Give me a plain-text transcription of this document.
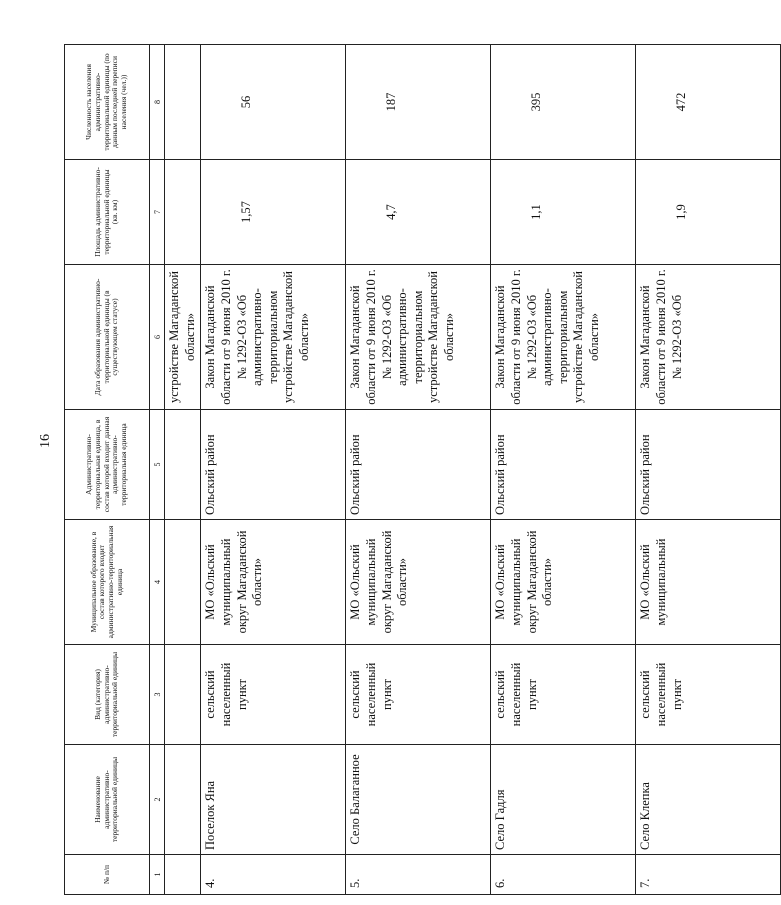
16
№ п/п	Наименование административно-территориальной единицы	Вид (категория) административно-территориальной единицы	Муниципальное образование, в состав которого входит административно-территориальная единица	Административно-территориальная единица, в состав которой входит данная административно-территориальная единица	Дата образования административно-территориальной единицы (в существующем статусе)	Площадь административно-территориальной единицы (кв. км)	Численность населения административно-территориальной единицы (по данным последней переписи населения (чел.))
1	2	3	4	5	6	7	8
					устройстве Магаданской области»		
4.	Поселок Яна	сельский населенный пункт	МО «Ольский муниципальный округ Магаданской области»	Ольский район	Закон Магаданской области от 9 июня 2010 г. № 1292-ОЗ «Об административно-территориальном устройстве Магаданской области»	1,57	56
5.	Село Балаганное	сельский населенный пункт	МО «Ольский муниципальный округ Магаданской области»	Ольский район	Закон Магаданской области от 9 июня 2010 г. № 1292-ОЗ «Об административно-территориальном устройстве Магаданской области»	4,7	187
6.	Село Гадля	сельский населенный пункт	МО «Ольский муниципальный округ Магаданской области»	Ольский район	Закон Магаданской области от 9 июня 2010 г. № 1292-ОЗ «Об административно-территориальном устройстве Магаданской области»	1,1	395
7.	Село Клепка	сельский населенный пункт	МО «Ольский муниципальный	Ольский район	Закон Магаданской области от 9 июня 2010 г. № 1292-ОЗ «Об	1,9	472
